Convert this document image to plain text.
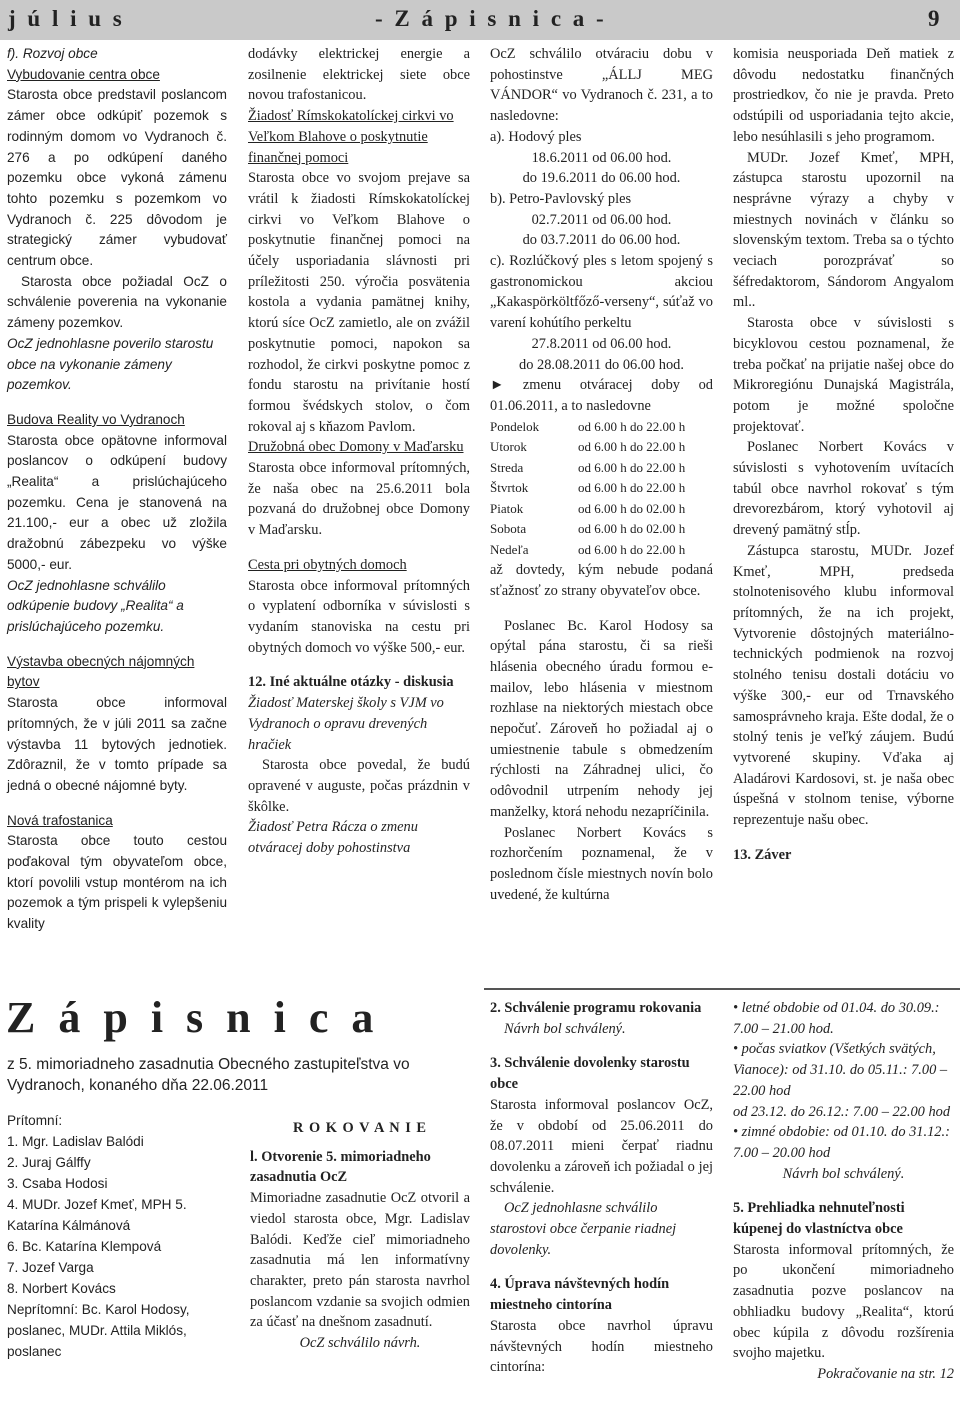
j ú l i u s	- Z á p i s n i c a -	9

f). Rozvoj obce

Vybudovanie centra obce

Starosta obce predstavil poslancom zámer obce odkúpiť pozemok s rodinným domom vo Vydranoch č. 276 a po odkúpení daného pozemku obce vykoná zámenu tohto pozemku s pozemkom vo Vydranoch č. 225 dôvodom je strategický zámer vybudovať centrum obce.

Starosta obce požiadal OcZ o schválenie poverenia na vykonanie zámeny pozemkov.

OcZ jednohlasne poverilo starostu obce na vykonanie zámeny pozemkov.

Budova Reality vo Vydranoch

Starosta obce opätovne informoval poslancov o odkúpení budovy „Realita“ a prislúchajúceho pozemku. Cena je stanovená na 21.100,- eur a obec už zložila dražobnú zábezpeku vo výške 5000,- eur.

OcZ jednohlasne schválilo odkúpenie budovy „Realita“ a prislúchajúceho pozemku.

Výstavba obecných nájomných bytov

Starosta obce informoval prítomných, že v júli 2011 sa začne výstavba 11 bytových jednotiek. Zdôraznil, že v tomto prípade sa jedná o obecné nájomné byty.

Nová trafostanica

Starosta obce touto cestou poďakoval tým obyvateľom obce, ktorí povolili vstup montérom na ich pozemok a tým prispeli k vylepšeniu kvality

dodávky elektrickej energie a zosilnenie elektrickej siete obce novou trafostanicou.

Žiadosť Rímskokatolíckej cirkvi vo Veľkom Blahove o poskytnutie finančnej pomoci

Starosta obce vo svojom prejave sa vrátil k žiadosti Rímskokatolíckej cirkvi vo Veľkom Blahove o poskytnutie finančnej pomoci na účely usporiadania slávnosti pri príležitosti 250. výročia posvätenia kostola a vydania pamätnej knihy, ktorú síce OcZ zamietlo, ale on zvážil poskytnutie pomoci, napokon sa rozhodol, že cirkvi poskytne pomoc z fondu starostu na privítanie hostí formou švédskych stolov, o čom rokoval aj s kňazom Pavlom.

Družobná obec Domony v Maďarsku

Starosta obce informoval prítomných, že naša obec na 25.6.2011 bola pozvaná do družobnej obce Domony v Maďarsku.

Cesta pri obytných domoch

Starosta obce informoval prítomných o vyplatení odborníka v súvislosti s vydaním stanoviska na cestu pri obytných domoch vo výške 500,- eur.

12. Iné aktuálne otázky - diskusia

Žiadosť Materskej školy s VJM vo Vydranoch o opravu drevených hračiek

Starosta obce povedal, že budú opravené v auguste, počas prázdnin v škôlke.

Žiadosť Petra Rácza o zmenu otváracej doby pohostinstva

OcZ schválilo otváraciu dobu v pohostinstve „ÁLLJ MEG VÁNDOR“ vo Vydranoch č. 231, a to nasledovne:

a). Hodový ples

18.6.2011 od 06.00 hod.

do 19.6.2011 do 06.00 hod.

b). Petro-Pavlovský ples

02.7.2011 od 06.00 hod.

do 03.7.2011 do 06.00 hod.

c). Rozlúčkový ples s letom spojený s gastronomickou akciou „Kakaspörköltfőző-verseny“, súťaž vo varení kohútího perkeltu

27.8.2011 od 06.00 hod.

do 28.08.2011 do 06.00 hod.

► zmenu otváracej doby od 01.06.2011, a to nasledovne

Pondelok	od 6.00 h do 22.00 h
Utorok	od 6.00 h do 22.00 h
Streda	od 6.00 h do 22.00 h
Štvrtok	od 6.00 h do 22.00 h
Piatok	od 6.00 h do 02.00 h
Sobota	od 6.00 h do 02.00 h
Nedeľa	od 6.00 h do 22.00 h

až dovtedy, kým nebude podaná sťažnosť zo strany obyvateľov obce.

Poslanec Bc. Karol Hodosy sa opýtal pána starostu, či sa rieši hlásenia obecného úradu formou e-mailov, lebo hlásenia v miestnom rozhlase na niektorých miestach obce nepočuť. Zároveň ho požiadal aj o umiestnenie tabule s obmedzením rýchlosti na Záhradnej ulici, čo odôvodnil utrpením nehody jej manželky, ktorá nehodu nezapríčinila.

Poslanec Norbert Kovács s rozhorčením poznamenal, že v poslednom čísle miestnych novín bolo uvedené, že kultúrna

komisia neusporiada Deň matiek z dôvodu nedostatku finančných prostriedkov, čo nie je pravda. Preto odstúpili od usporiadania tejto akcie, lebo nesúhlasili s jeho programom.

MUDr. Jozef Kmeť, MPH, zástupca starostu upozornil na nesprávne výrazy a chyby v miestnych novinách v článku so slovenským textom. Treba sa o týchto veciach porozprávať so šéfredaktorom, Sándorom Angyalom ml..

Starosta obce v súvislosti s bicyklovou cestou poznamenal, že treba počkať na prijatie našej obce do Mikroregiónu Dunajská Magistrála, potom je možné spoločne projektovať.

Poslanec Norbert Kovács v súvislosti s vyhotovením uvítacích tabúl obce navrhol rokovať s tým drevorezbárom, ktorý vyhotovil aj drevený pamätný stĺp.

Zástupca starostu, MUDr. Jozef Kmeť, MPH, predseda stolnotenisového klubu informoval prítomných, že na ich projekt, Vytvorenie dôstojných materiálno-technických podmienok na rozvoj stolného tenisu dostali dotáciu vo výške 300,- eur od Trnavského samosprávneho kraja. Ešte dodal, že o stolný tenis je veľký záujem. Budú vytvorené skupiny. Vďaka aj Aladárovi Kardosovi, st. je naša obec úspešná v stolnom tenise, výborne reprezentuje našu obec.

13. Záver

Z á p i s n i c a
z 5. mimoriadneho zasadnutia Obecného zastupiteľstva vo Vydranoch, konaného dňa 22.06.2011

Prítomní:

1. Mgr. Ladislav Balódi

2. Juraj Gálffy

3. Csaba Hodosi

4. MUDr. Jozef Kmeť, MPH 5.

Katarína Kálmánová

6. Bc. Katarína Klempová

7. Jozef Varga

8. Norbert Kovács

Neprítomní: Bc. Karol Hodosy, poslanec, MUDr. Attila Miklós, poslanec

R O K O V A N I E

l. Otvorenie 5. mimoriadneho zasadnutia OcZ

Mimoriadne zasadnutie OcZ otvoril a viedol starosta obce, Mgr. Ladislav Balódi. Keďže cieľ mimoriadneho zasadnutia má len informatívny charakter, preto pán starosta navrhol poslancom vzdanie sa svojich odmien za účasť na dnešnom zasadnutí.

OcZ schválilo návrh.

2. Schválenie programu rokovania

Návrh bol schválený.

3. Schválenie dovolenky starostu obce

Starosta informoval poslancov OcZ, že v období od 25.06.2011 do 08.07.2011 mieni čerpať riadnu dovolenku a zároveň ich požiadal o jej schválenie.

OcZ jednohlasne schválilo starostovi obce čerpanie riadnej dovolenky.

4. Úprava návštevných hodín miestneho cintorína

Starosta obce navrhol úpravu návštevných hodín miestneho cintorína:

• letné obdobie od 01.04. do 30.09.: 7.00 – 21.00 hod.

• počas sviatkov (Všetkých svätých, Vianoce): od 31.10. do 05.11.: 7.00 – 22.00 hod

od 23.12. do 26.12.: 7.00 – 22.00 hod

• zimné obdobie: od 01.10. do 31.12.: 7.00 – 20.00 hod

Návrh bol schválený.

5. Prehliadka nehnuteľnosti kúpenej do vlastníctva obce

Starosta informoval prítomných, že po ukončení mimoriadneho zasadnutia pozve poslancov na obhliadku budovy „Realita“, ktorú obec kúpila z dôvodu rozšírenia svojho majetku.

Pokračovanie na str. 12
